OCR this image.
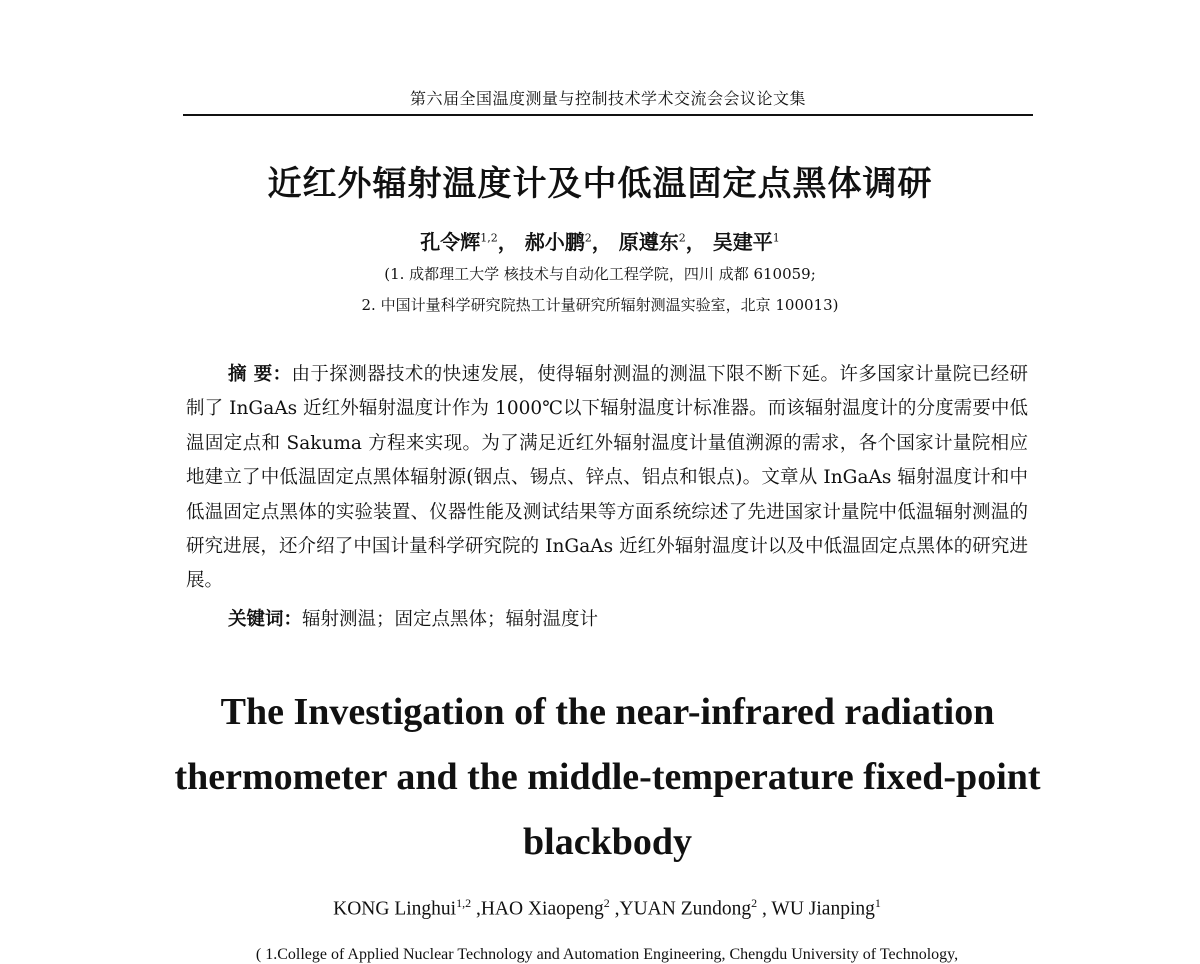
第六届全国温度测量与控制技术学术交流会会议论文集
近红外辐射温度计及中低温固定点黑体调研
孔令辉$^{1,2}$， 郝小鹏$^2$， 原遵东$^2$， 吴建平$^1$
(1. 成都理工大学 核技术与自动化工程学院，四川 成都 610059;
2. 中国计量科学研究院热工计量研究所辐射测温实验室，北京 100013)

摘 要：由于探测器技术的快速发展，使得辐射测温的测温下限不断下延。许多国家计量院已经研制了 InGaAs 近红外辐射温度计作为 1000℃以下辐射温度计标准器。而该辐射温度计的分度需要中低温固定点和 Sakuma 方程来实现。为了满足近红外辐射温度计量值溯源的需求，各个国家计量院相应地建立了中低温固定点黑体辐射源(铟点、锡点、锌点、铝点和银点)。文章从 InGaAs 辐射温度计和中低温固定点黑体的实验装置、仪器性能及测试结果等方面系统综述了先进国家计量院中低温辐射测温的研究进展，还介绍了中国计量科学研究院的 InGaAs 近红外辐射温度计以及中低温固定点黑体的研究进展。

关键词：辐射测温；固定点黑体；辐射温度计
The Investigation of the near-infrared radiation
thermometer and the middle-temperature fixed-point
blackbody
KONG Linghui$^{1,2}$ ,HAO Xiaopeng$^2$ ,YUAN Zundong$^2$ , WU Jianping$^1$
( 1.College of Applied Nuclear Technology and Automation Engineering, Chengdu University of Technology,
